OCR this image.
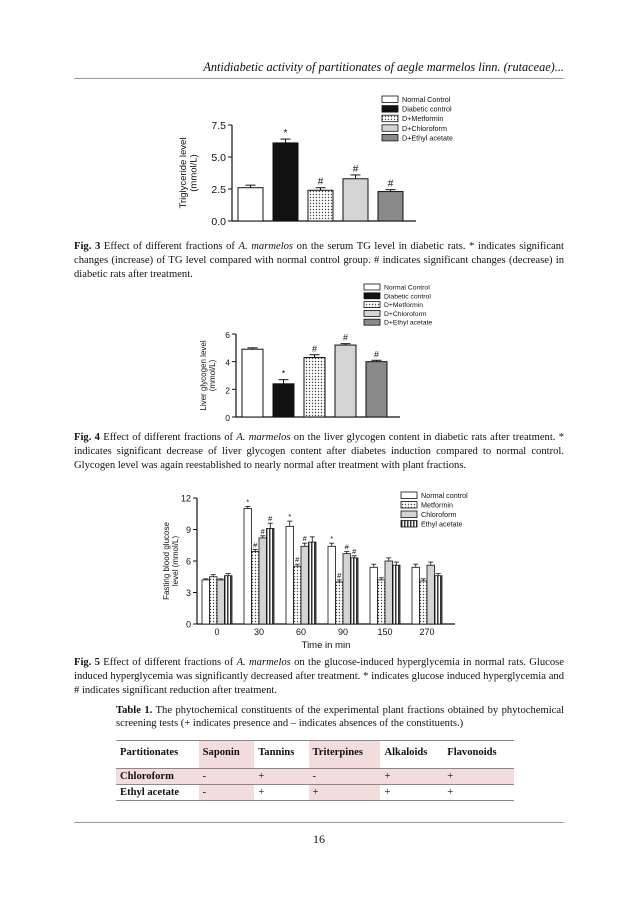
Antidiabetic activity of partitionates of aegle marmelos linn. (rutaceae)...
0.0
2.5
5.0
7.5
Triglyceride level (mmol/L)
*
#
#
#
Normal Control
Diabetic control
D+Metformin
D+Chloroform
D+Ethyl acetate
Fig. 3 Effect of different fractions of A. marmelos on the serum TG level in diabetic rats. * indicates significant changes (increase) of TG level compared with normal control group. # indicates significant changes (decrease) in diabetic rats after treatment.
0
2
4
6
Liver glycogen level (mmol/L)	*
#
#
#
Normal Control
Diabetic control
D+Metformin
D+Chloroform
D+Ethyl acetate
Fig. 4 Effect of different fractions of A. marmelos on the liver glycogen content in diabetic rats after treatment. * indicates significant decrease of liver glycogen content after diabetes induction compared to normal control. Glycogen level was again reestablished to nearly normal after treatment with plant fractions.
0
3
6
9
12
Fasting blood glucose level (mmol/L)
0
*
#
#
#
30
*
#
#
60
*
#
# #
90	150	270
Time in min
Normal control
Metformin
Chloroform
Ethyl acetate
Fig. 5 Effect of different fractions of A. marmelos on the glucose-induced hyperglycemia in normal rats. Glucose induced hyperglycemia was significantly decreased after treatment. * indicates glucose induced hyperglycemia and # indicates significant reduction after treatment.
Table 1. The phytochemical constituents of the experimental plant fractions obtained by phytochemical screening tests (+ indicates presence and – indicates absences of the constituents.)
Partitionates	Saponin	Tannins	Triterpines	Alkaloids	Flavonoids
Chloroform	-	+	-	+	+
Ethyl acetate	-	+	+	+	+
16
